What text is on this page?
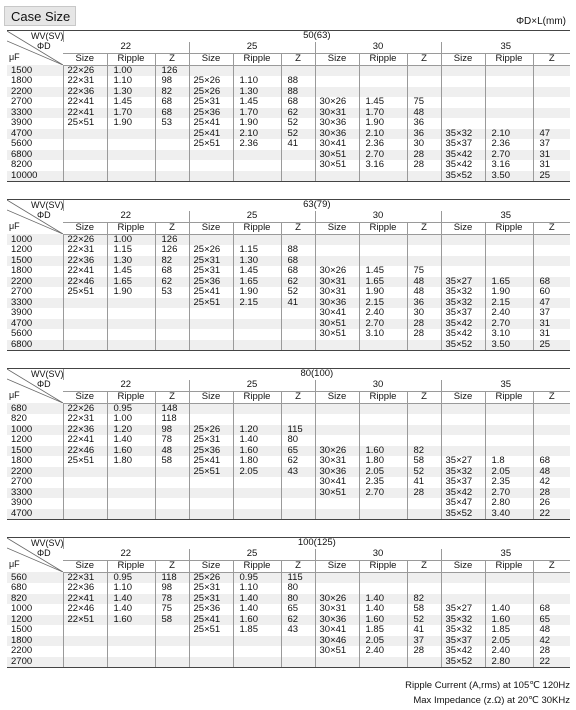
Case Size	ΦD×L(mm)
WV(SV)
ΦD
μF	50(63)											
	22			25			30			35		
	Size	Ripple	Z	Size	Ripple	Z	Size	Ripple	Z	Size	Ripple	Z
1500	22×26	1.00	126									
1800	22×31	1.10	98	25×26	1.10	88						
2200	22×36	1.30	82	25×26	1.30	88						
2700	22×41	1.45	68	25×31	1.45	68	30×26	1.45	75			
3300	22×41	1.70	68	25×36	1.70	62	30×31	1.70	48			
3900	25×51	1.90	53	25×41	1.90	52	30×36	1.90	36			
4700				25×41	2.10	52	30×36	2.10	36	35×32	2.10	47
5600				25×51	2.36	41	30×41	2.36	30	35×37	2.36	37
6800							30×51	2.70	28	35×42	2.70	31
8200							30×51	3.16	28	35×42	3.16	31
10000										35×52	3.50	25
WV(SV)
ΦD
μF	63(79)											
	22			25			30			35		
	Size	Ripple	Z	Size	Ripple	Z	Size	Ripple	Z	Size	Ripple	Z
1000	22×26	1.00	126									
1200	22×31	1.15	126	25×26	1.15	88						
1500	22×36	1.30	82	25×31	1.30	68						
1800	22×41	1.45	68	25×31	1.45	68	30×26	1.45	75			
2200	22×46	1.65	62	25×36	1.65	62	30×31	1.65	48	35×27	1.65	68
2700	25×51	1.90	53	25×41	1.90	52	30×31	1.90	48	35×32	1.90	60
3300				25×51	2.15	41	30×36	2.15	36	35×32	2.15	47
3900							30×41	2.40	30	35×37	2.40	37
4700							30×51	2.70	28	35×42	2.70	31
5600							30×51	3.10	28	35×42	3.10	31
6800										35×52	3.50	25
WV(SV)
ΦD
μF	80(100)											
	22			25			30			35		
	Size	Ripple	Z	Size	Ripple	Z	Size	Ripple	Z	Size	Ripple	Z
680	22×26	0.95	148									
820	22×31	1.00	118									
1000	22×36	1.20	98	25×26	1.20	115						
1200	22×41	1.40	78	25×31	1.40	80						
1500	22×46	1.60	48	25×36	1.60	65	30×26	1.60	82			
1800	25×51	1.80	58	25×41	1.80	62	30×31	1.80	58	35×27	1.8	68
2200				25×51	2.05	43	30×36	2.05	52	35×32	2.05	48
2700							30×41	2.35	41	35×37	2.35	42
3300							30×51	2.70	28	35×42	2.70	28
3900										35×47	2.80	26
4700										35×52	3.40	22
WV(SV)
ΦD
μF	100(125)											
	22			25			30			35		
	Size	Ripple	Z	Size	Ripple	Z	Size	Ripple	Z	Size	Ripple	Z
560	22×31	0.95	118	25×26	0.95	115						
680	22×36	1.10	98	25×31	1.10	80						
820	22×41	1.40	78	25×31	1.40	80	30×26	1.40	82			
1000	22×46	1.40	75	25×36	1.40	65	30×31	1.40	58	35×27	1.40	68
1200	22×51	1.60	58	25×41	1.60	62	30×36	1.60	52	35×32	1.60	65
1500				25×51	1.85	43	30×41	1.85	41	35×32	1.85	48
1800							30×46	2.05	37	35×37	2.05	42
2200							30×51	2.40	28	35×42	2.40	28
2700										35×52	2.80	22
Ripple Current (A,rms) at 105℃ 120Hz
Max Impedance (z.Ω) at 20℃ 30KHz
